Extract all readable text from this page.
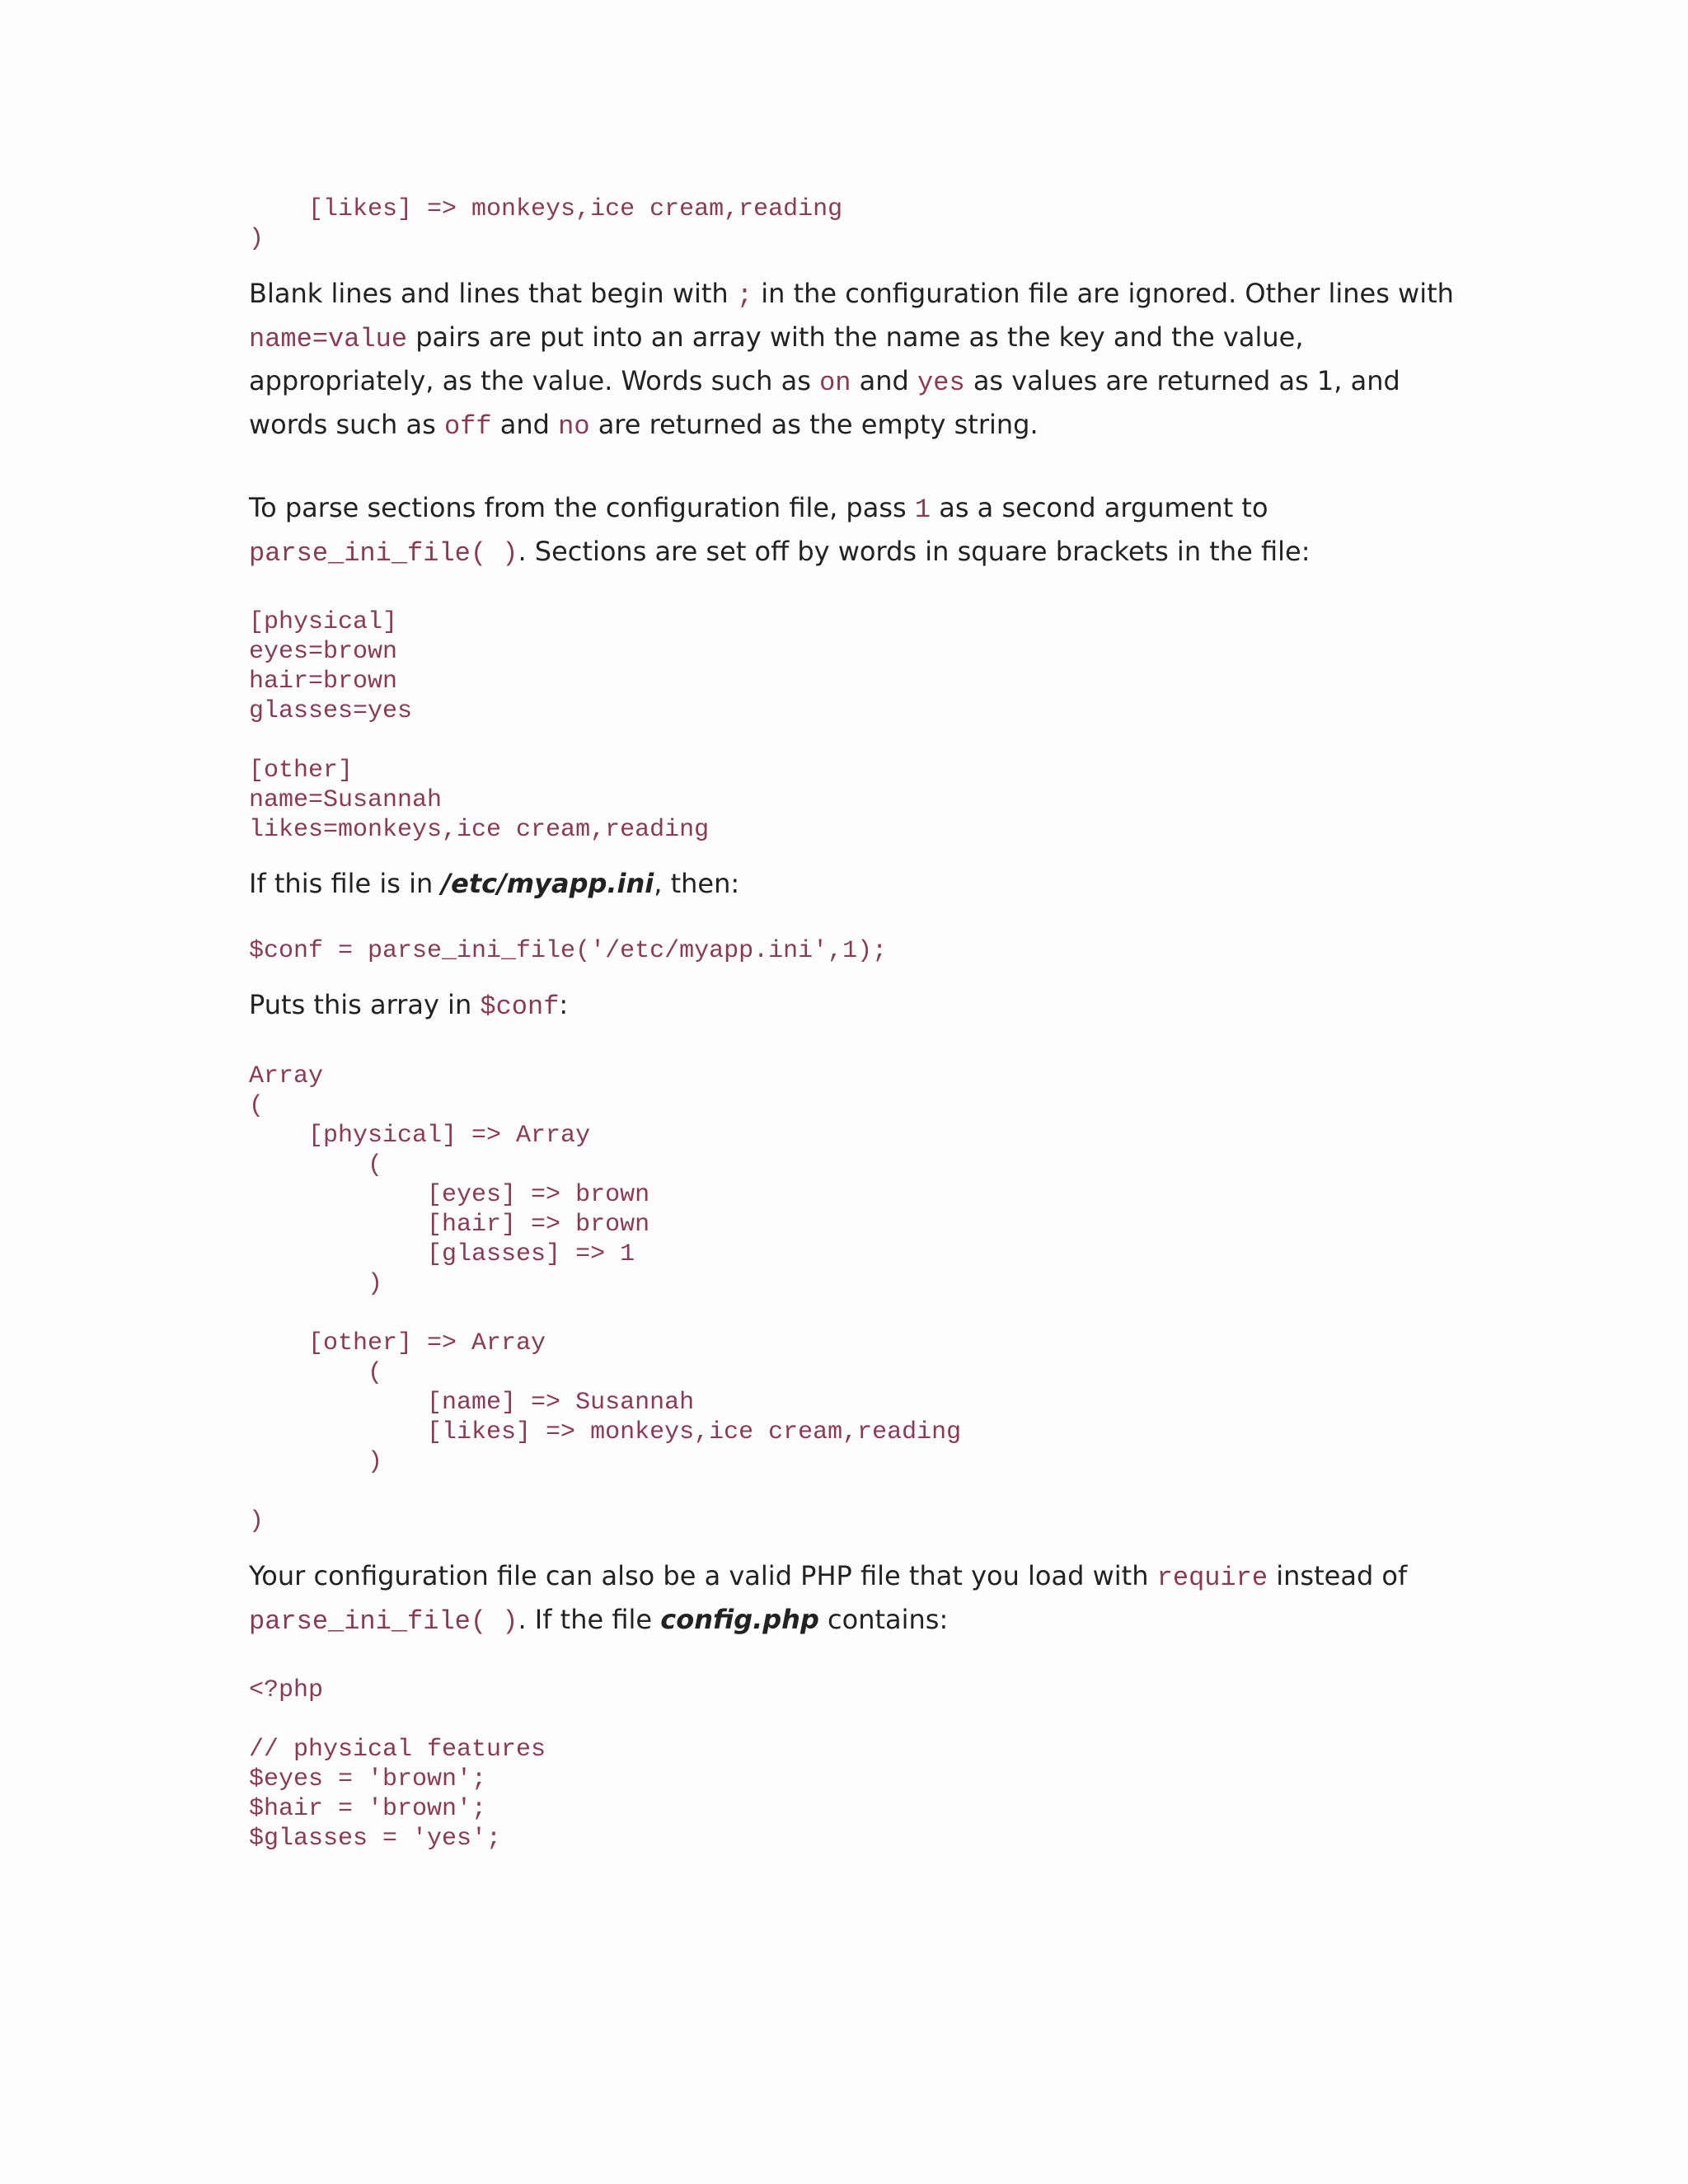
[likes] => monkeys,ice cream,reading
)

Blank lines and lines that begin with ; in the configuration file are ignored. Other lines with name=value pairs are put into an array with the name as the key and the value, appropriately, as the value. Words such as on and yes as values are returned as 1, and words such as off and no are returned as the empty string.

To parse sections from the configuration file, pass 1 as a second argument to parse_ini_file( ). Sections are set off by words in square brackets in the file:

[physical]
eyes=brown
hair=brown
glasses=yes

[other]
name=Susannah
likes=monkeys,ice cream,reading

If this file is in /etc/myapp.ini, then:

$conf = parse_ini_file('/etc/myapp.ini',1);

Puts this array in $conf:

Array
(
[physical] => Array
(
[eyes] => brown
[hair] => brown
[glasses] => 1
)

[other] => Array
(
[name] => Susannah
[likes] => monkeys,ice cream,reading
)

)

Your configuration file can also be a valid PHP file that you load with require instead of parse_ini_file( ). If the file config.php contains:

<?php

// physical features
$eyes = 'brown';
$hair = 'brown';
$glasses = 'yes';
